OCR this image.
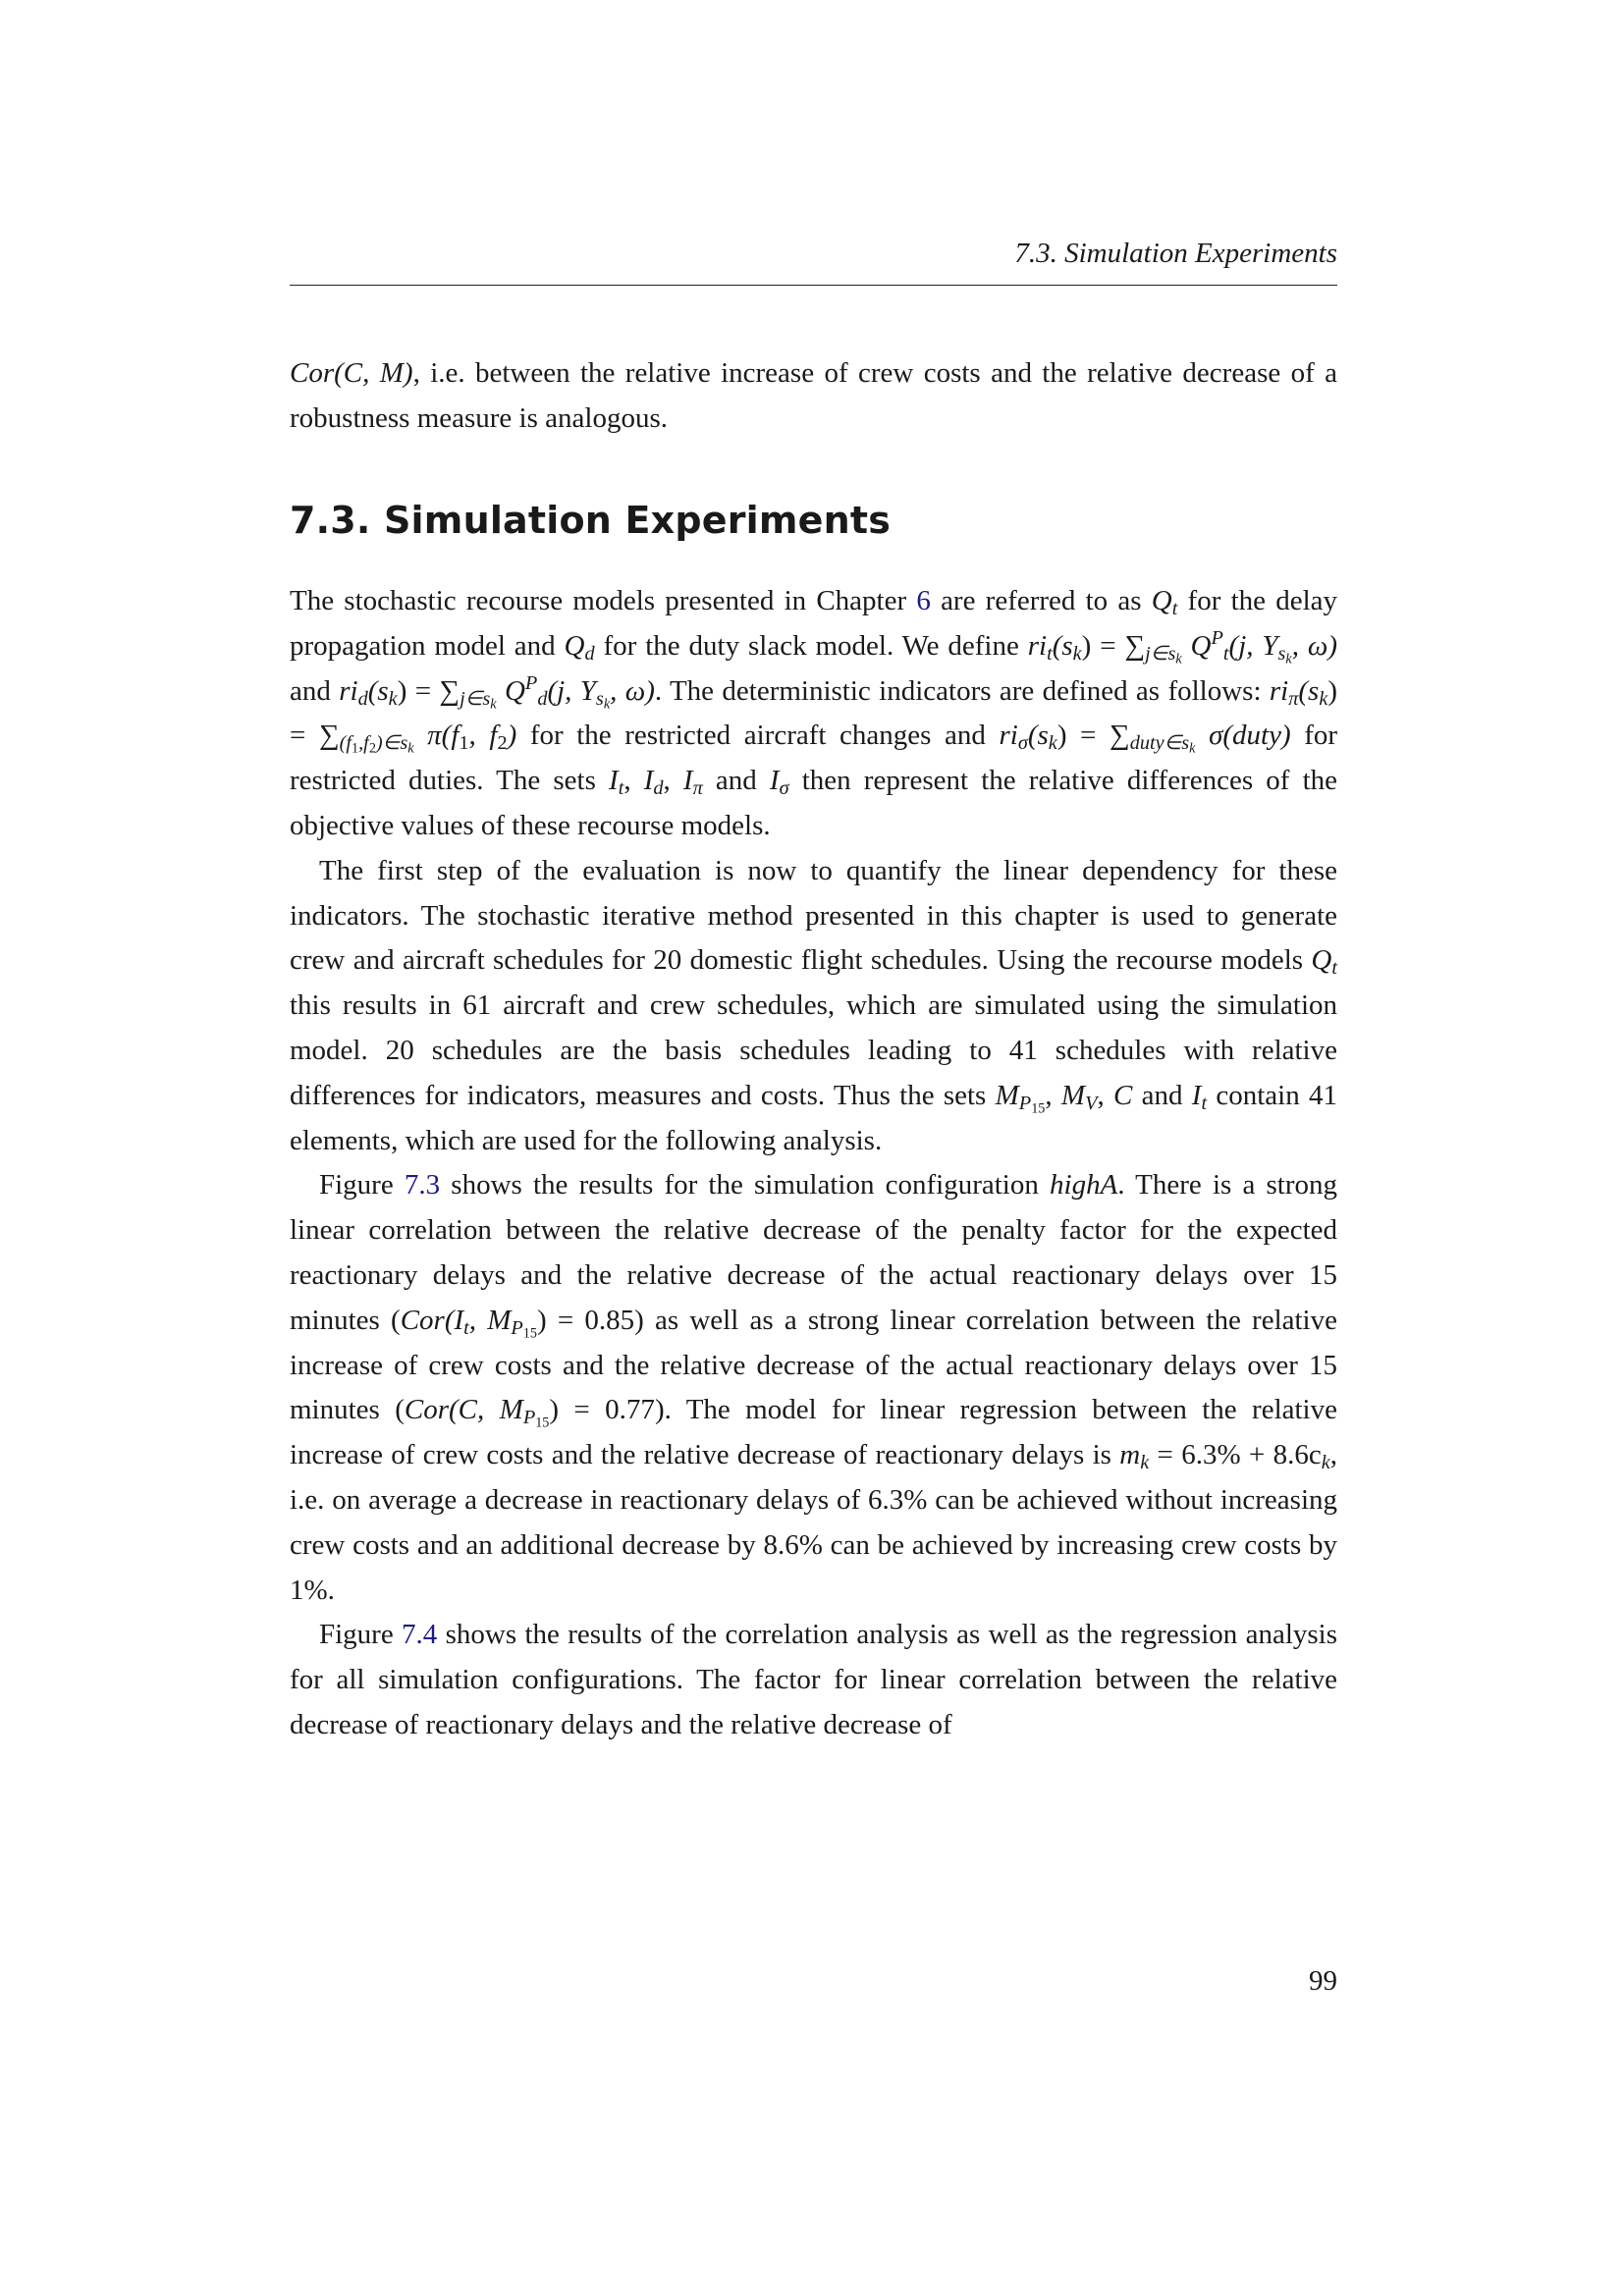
7.3. Simulation Experiments

Cor(C, M), i.e. between the relative increase of crew costs and the relative decrease of a robustness measure is analogous.

7.3. Simulation Experiments

The stochastic recourse models presented in Chapter 6 are referred to as $Q_t$ for the delay propagation model and $Q_d$ for the duty slack model. We define $ri_t(s_k) = \sum_{j\in s_k}$ $Q^P_t(j$, $Y_{s_k}$, ω) and $ri_d(s_k) = \sum_{j\in s_k}$ $Q^P_d(j$, $Y_{s_k}$, ω). The deterministic indicators are defined as follows: $ri_\pi(s_k) = \sum_{(f_1,f_2)\in s_k}$ $\pi(f_1$, $f_2$) for the restricted aircraft changes and $ri_\sigma(s_k) = \sum_{duty\in s_k}$ σ(duty) for restricted duties. The sets $I_t$, $I_d$, $I_\pi$ and $I_\sigma$ then represent the relative differences of the objective values of these recourse models.

The first step of the evaluation is now to quantify the linear dependency for these indicators. The stochastic iterative method presented in this chapter is used to generate crew and aircraft schedules for 20 domestic flight schedules. Using the recourse models $Q_t$ this results in 61 aircraft and crew schedules, which are simulated using the simulation model. 20 schedules are the basis schedules leading to 41 schedules with relative differences for indicators, measures and costs. Thus the sets $M_{P_{15}}$, $M_V$, C and $I_t$ contain 41 elements, which are used for the following analysis.

Figure 7.3 shows the results for the simulation configuration highA. There is a strong linear correlation between the relative decrease of the penalty factor for the expected reactionary delays and the relative decrease of the actual reactionary delays over 15 minutes ($Cor(I_t$, $M_{P_{15}}) = 0.85$) as well as a strong linear correlation between the relative increase of crew costs and the relative decrease of the actual reactionary delays over 15 minutes (Cor(C, $M_{P_{15}}) = 0.77$). The model for linear regression between the relative increase of crew costs and the relative decrease of reactionary delays is $m_k = 6.3\% + 8.6c_k$, i.e. on average a decrease in reactionary delays of 6.3% can be achieved without increasing crew costs and an additional decrease by 8.6% can be achieved by increasing crew costs by 1%.

Figure 7.4 shows the results of the correlation analysis as well as the regression analysis for all simulation configurations. The factor for linear correlation between the relative decrease of reactionary delays and the relative decrease of

99
